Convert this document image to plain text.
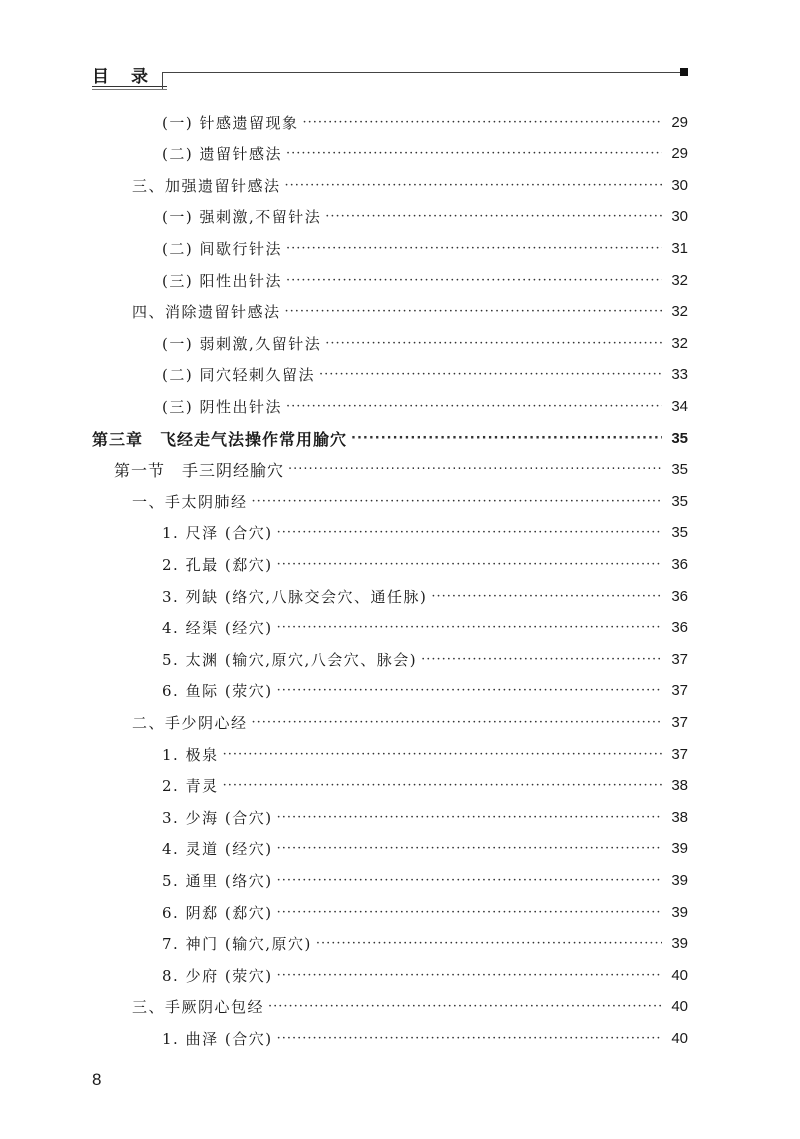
目录
(一) 针感遗留现象 ·····	29
(二) 遗留针感法 ·····	29
三、加强遗留针感法 ·····	30
(一) 强刺激,不留针法 ·····	30
(二) 间歇行针法 ·····	31
(三) 阳性出针法 ·····	32
四、消除遗留针感法 ·····	32
(一) 弱刺激,久留针法 ·····	32
(二) 同穴轻刺久留法 ·····	33
(三) 阴性出针法 ·····	34
第三章　飞经走气法操作常用腧穴 ·····	35
第一节　手三阴经腧穴 ·····	35
一、手太阴肺经 ·····	35
1. 尺泽 (合穴) ·····	35
2. 孔最 (郄穴) ·····	36
3. 列缺 (络穴,八脉交会穴、通任脉) ·····	36
4. 经渠 (经穴) ·····	36
5. 太渊 (输穴,原穴,八会穴、脉会) ·····	37
6. 鱼际 (荥穴) ·····	37
二、手少阴心经 ·····	37
1. 极泉 ·····	37
2. 青灵 ·····	38
3. 少海 (合穴) ·····	38
4. 灵道 (经穴) ·····	39
5. 通里 (络穴) ·····	39
6. 阴郄 (郄穴) ·····	39
7. 神门 (输穴,原穴) ·····	39
8. 少府 (荥穴) ·····	40
三、手厥阴心包经 ·····	40
1. 曲泽 (合穴) ·····	40
8
